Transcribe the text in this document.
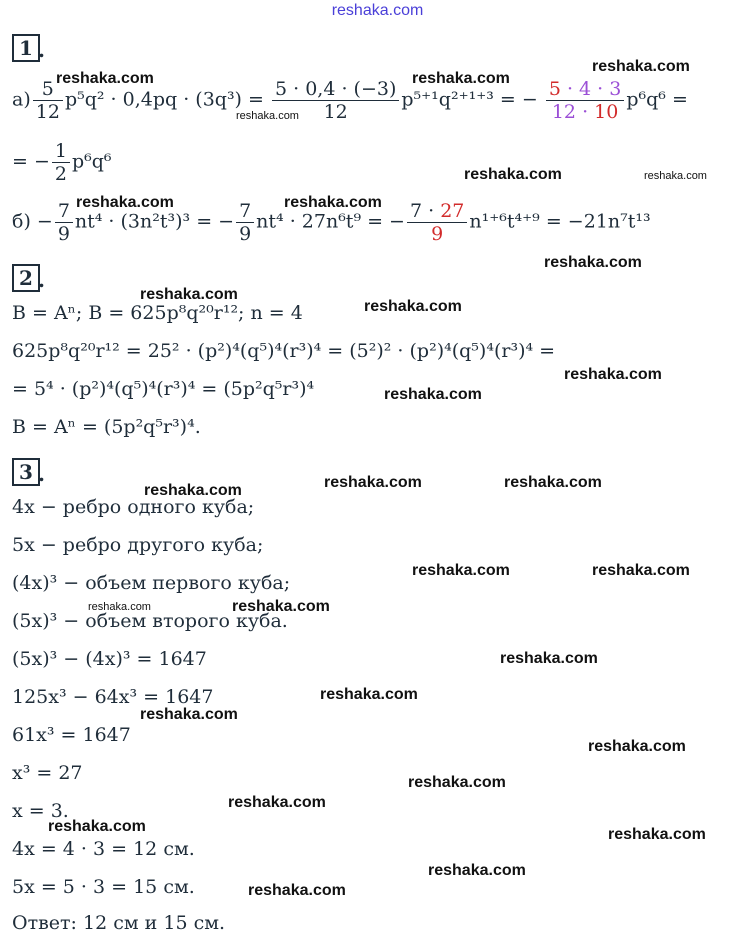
reshaka.com
1 .
$а) \frac{5}{12} p^5q^2 \cdot 0,4pq \cdot (3q^3) = \frac{5 \cdot 0,4 \cdot (-3)}{12} p^{5+1}q^{2+1+3}$ = − $\frac{5 \cdot 4 \cdot 3}{12 \cdot 10} p^6q^6$ =
= − $\frac{1}{2} p^6q^6$
$б) - \frac{7}{9} nt^4 \cdot (3n^2t^3)^3$ = − $\frac{7}{9} nt^4 \cdot 27n^6t^9$ = − $\frac{7 \cdot 27}{9} n^{1+6}t^{4+9} = -21n^7t^{13}$
2 .
B = Aⁿ; B = 625p⁸q²⁰r¹²; n = 4
625p⁸q²⁰r¹² = 25² · (p²)⁴(q⁵)⁴(r³)⁴ = (5²)² · (p²)⁴(q⁵)⁴(r³)⁴ =
= 5⁴ · (p²)⁴(q⁵)⁴(r³)⁴ = (5p²q⁵r³)⁴
B = Aⁿ = (5p²q⁵r³)⁴.
3 .
4x − ребро одного куба;
5x − ребро другого куба;
(4x)³ − объем первого куба;
(5x)³ − объем второго куба.
(5x)³ − (4x)³ = 1647
125x³ − 64x³ = 1647
61x³ = 1647
x³ = 27
x = 3.
4x = 4 · 3 = 12 см.
5x = 5 · 3 = 15 см.
Ответ: 12 см и 15 см.
reshaka.com	reshaka.com
reshaka.com
reshaka.com
reshaka.com	reshaka.com
reshaka.com	reshaka.com
reshaka.com
reshaka.com
reshaka.com
reshaka.com
reshaka.com
reshaka.com	reshaka.com	reshaka.com
reshaka.com	reshaka.com
reshaka.com	reshaka.com
reshaka.com
reshaka.com
reshaka.com
reshaka.com
reshaka.com
reshaka.com
reshaka.com	reshaka.com
reshaka.com
reshaka.com
